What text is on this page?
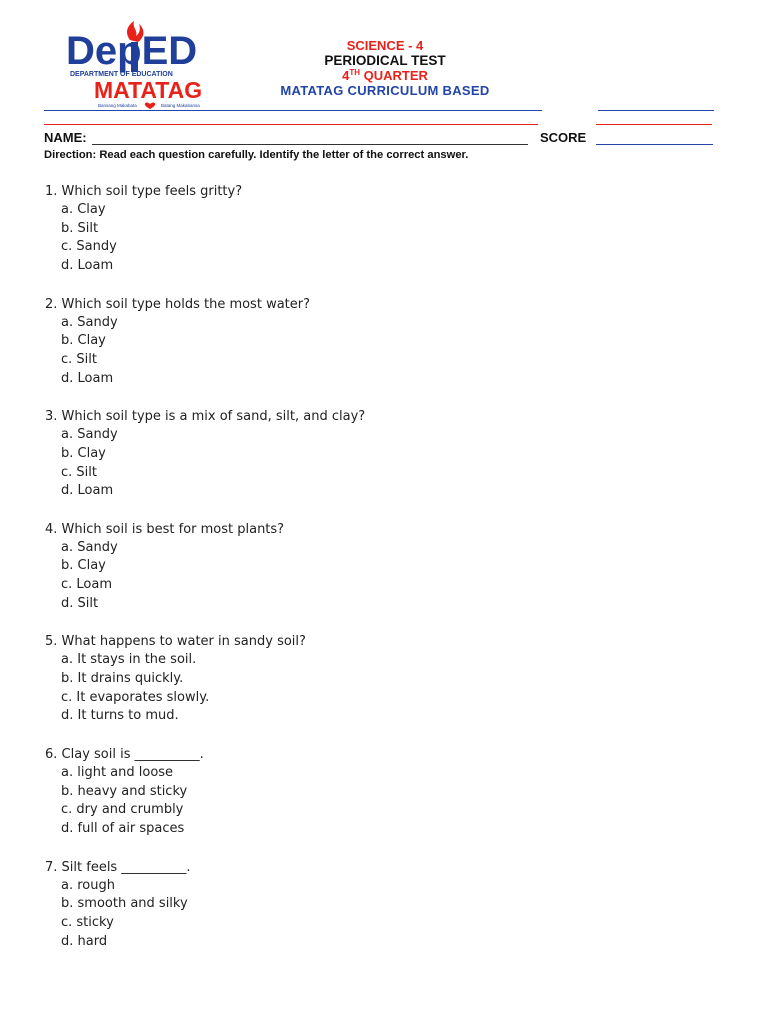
DepED
DEPARTMENT OF EDUCATION
MATATAG
Bansang Makabata	Batang Makabansa
SCIENCE - 4
PERIODICAL TEST
4TH QUARTER
MATATAG CURRICULUM BASED
NAME:	SCORE
Direction: Read each question carefully. Identify the letter of the correct answer.
1. Which soil type feels gritty?
a. Clay
b. Silt
c. Sandy
d. Loam
2. Which soil type holds the most water?
a. Sandy
b. Clay
c. Silt
d. Loam
3. Which soil type is a mix of sand, silt, and clay?
a. Sandy
b. Clay
c. Silt
d. Loam
4. Which soil is best for most plants?
a. Sandy
b. Clay
c. Loam
d. Silt
5. What happens to water in sandy soil?
a. It stays in the soil.
b. It drains quickly.
c. It evaporates slowly.
d. It turns to mud.
6. Clay soil is __________.
a. light and loose
b. heavy and sticky
c. dry and crumbly
d. full of air spaces
7. Silt feels __________.
a. rough
b. smooth and silky
c. sticky
d. hard
